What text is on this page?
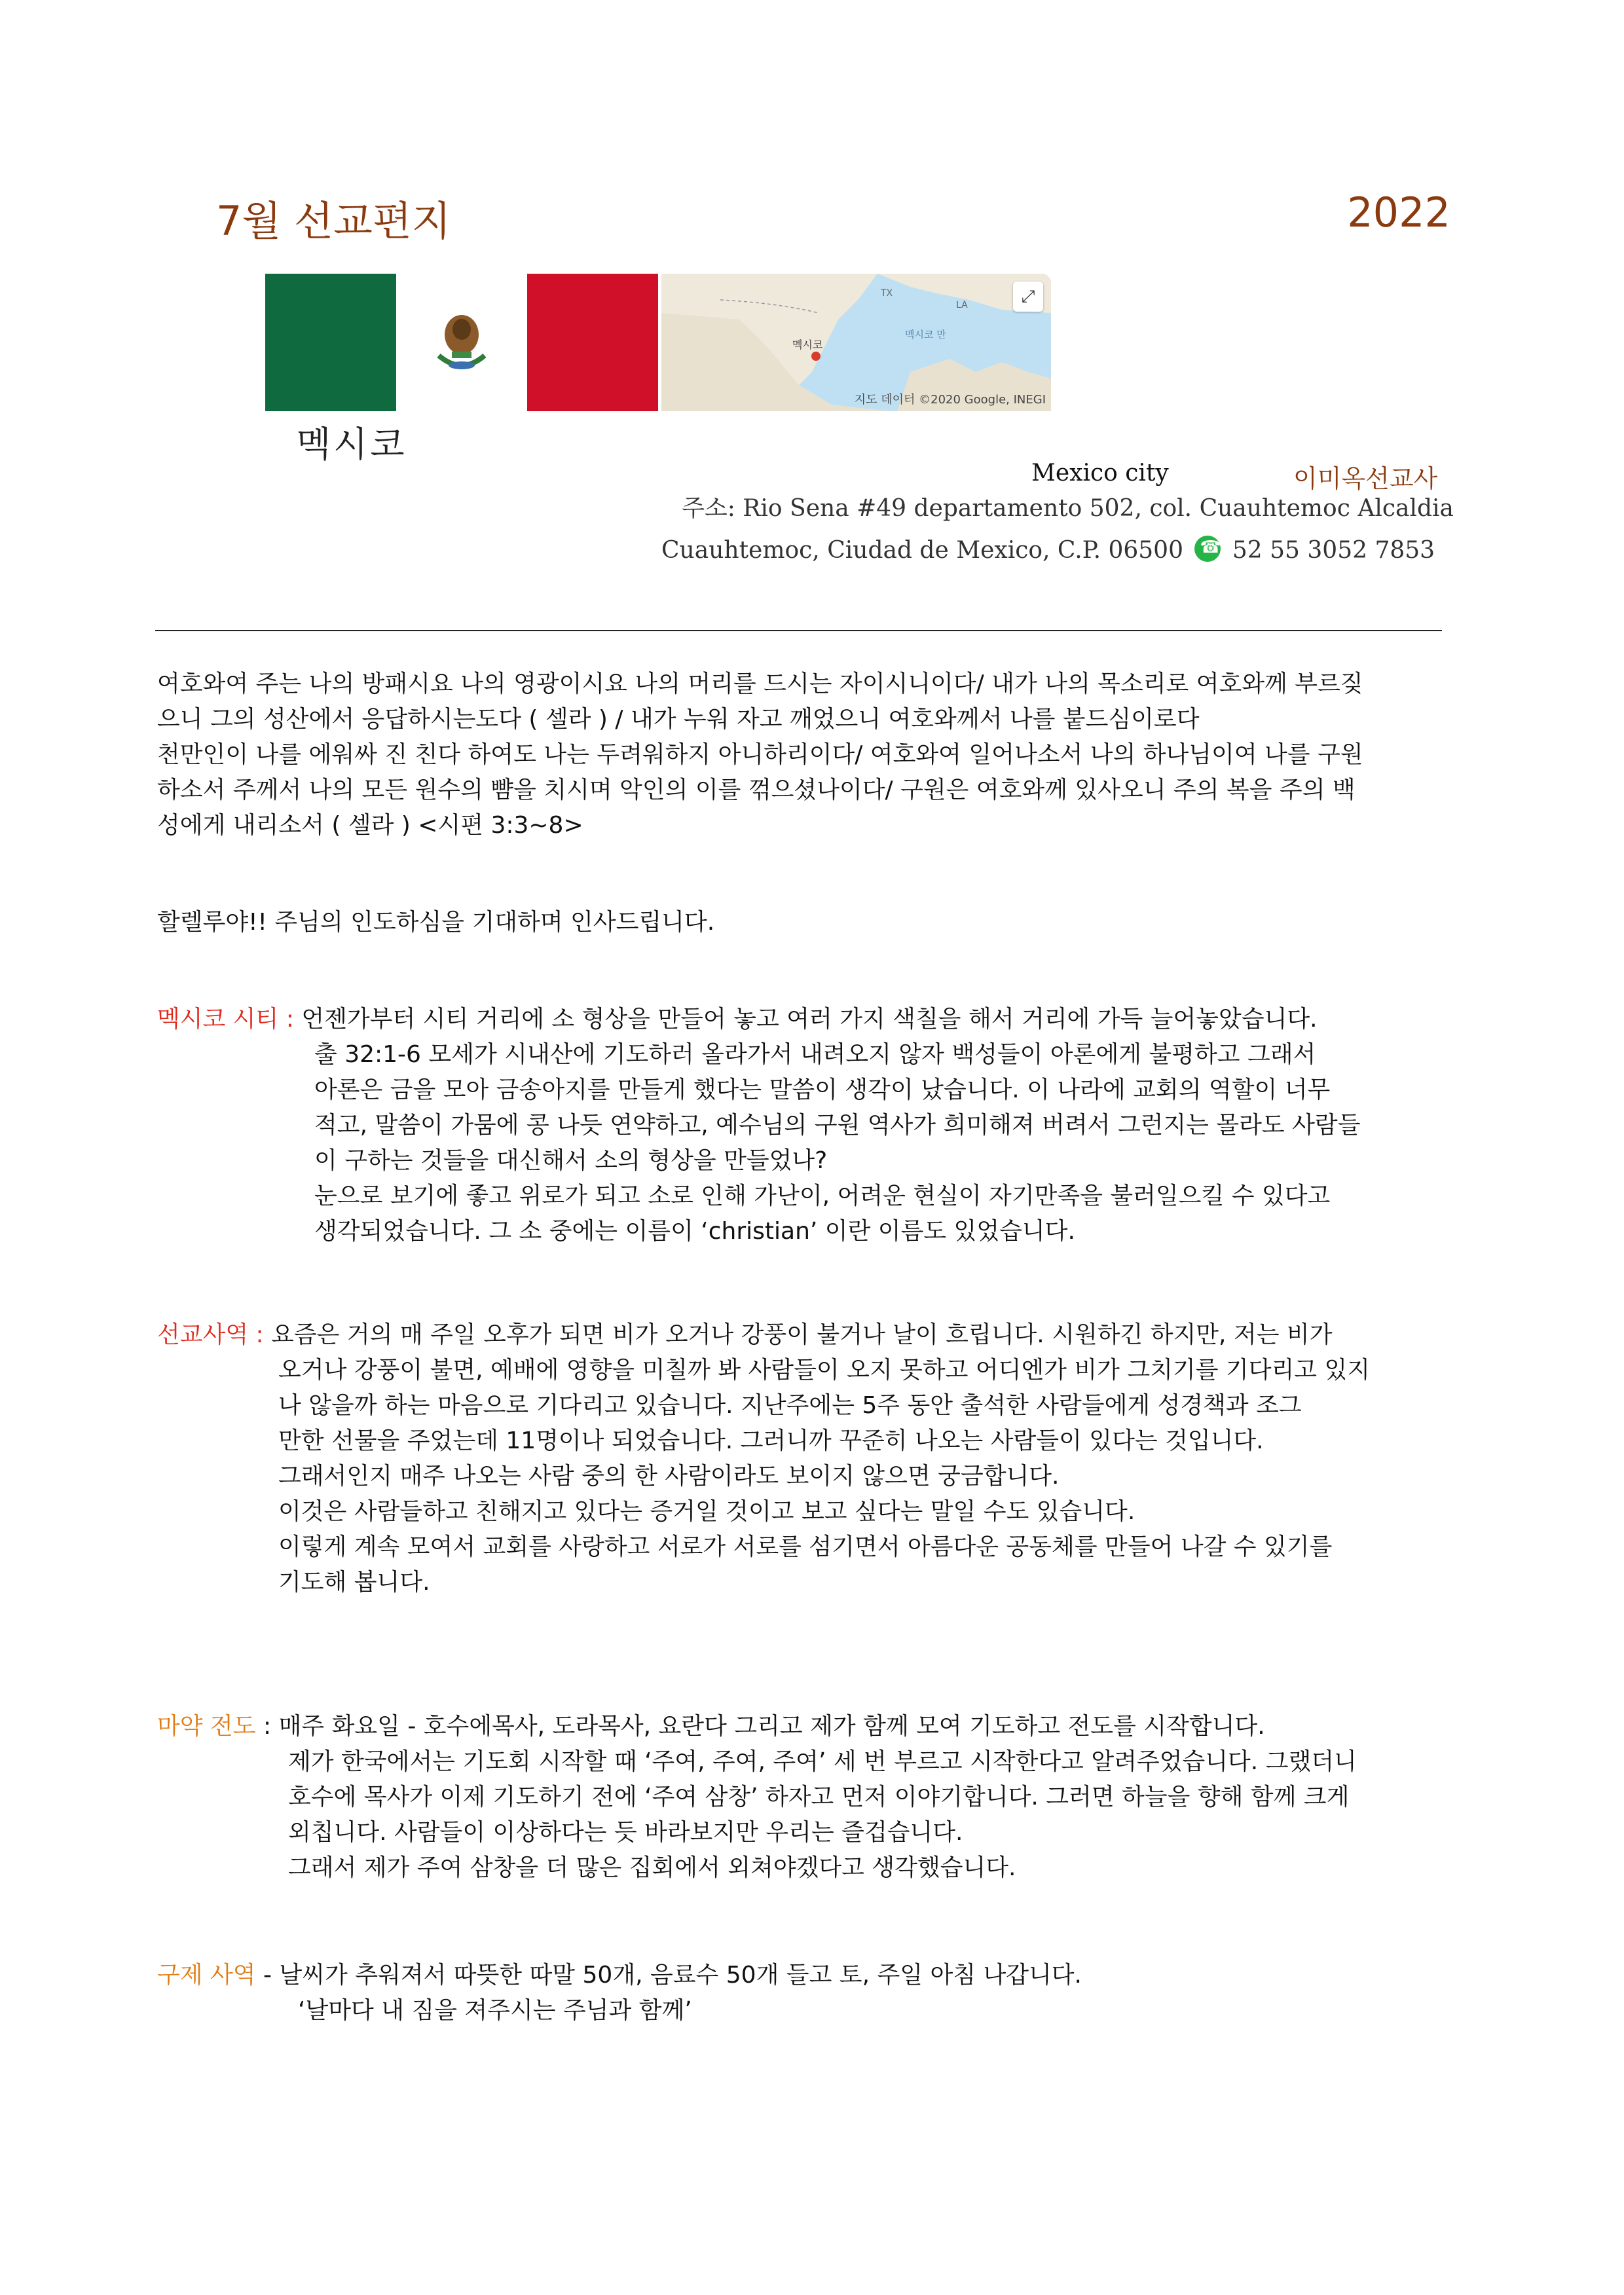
7월 선교편지	2022
멕시코
멕시코 만
TX
LA	⤢
지도 데이터 ©2020 Google, INEGI
멕시코
Mexico city	이미옥선교사
주소: Rio Sena #49 departamento 502, col. Cuauhtemoc Alcaldia
Cuauhtemoc, Ciudad de Mexico, C.P. 06500 ☎ 52 55 3052 7853
여호와여 주는 나의 방패시요 나의 영광이시요 나의 머리를 드시는 자이시니이다/ 내가 나의 목소리로 여호와께 부르짖
으니 그의 성산에서 응답하시는도다 ( 셀라 ) / 내가 누워 자고 깨었으니 여호와께서 나를 붙드심이로다
천만인이 나를 에워싸 진 친다 하여도 나는 두려워하지 아니하리이다/ 여호와여 일어나소서 나의 하나님이여 나를 구원
하소서 주께서 나의 모든 원수의 뺨을 치시며 악인의 이를 꺾으셨나이다/ 구원은 여호와께 있사오니 주의 복을 주의 백
성에게 내리소서 ( 셀라 ) <시편 3:3~8>
할렐루야!! 주님의 인도하심을 기대하며 인사드립니다.
멕시코 시티 : 언젠가부터 시티 거리에 소 형상을 만들어 놓고 여러 가지 색칠을 해서 거리에 가득 늘어놓았습니다.
출 32:1-6 모세가 시내산에 기도하러 올라가서 내려오지 않자 백성들이 아론에게 불평하고 그래서
아론은 금을 모아 금송아지를 만들게 했다는 말씀이 생각이 났습니다. 이 나라에 교회의 역할이 너무
적고, 말씀이 가뭄에 콩 나듯 연약하고, 예수님의 구원 역사가 희미해져 버려서 그런지는 몰라도 사람들
이 구하는 것들을 대신해서 소의 형상을 만들었나?
눈으로 보기에 좋고 위로가 되고 소로 인해 가난이, 어려운 현실이 자기만족을 불러일으킬 수 있다고
생각되었습니다. 그 소 중에는 이름이 ‘christian’ 이란 이름도 있었습니다.
선교사역 : 요즘은 거의 매 주일 오후가 되면 비가 오거나 강풍이 불거나 날이 흐립니다. 시원하긴 하지만, 저는 비가
오거나 강풍이 불면, 예배에 영향을 미칠까 봐 사람들이 오지 못하고 어디엔가 비가 그치기를 기다리고 있지
나 않을까 하는 마음으로 기다리고 있습니다. 지난주에는 5주 동안 출석한 사람들에게 성경책과 조그
만한 선물을 주었는데 11명이나 되었습니다. 그러니까 꾸준히 나오는 사람들이 있다는 것입니다.
그래서인지 매주 나오는 사람 중의 한 사람이라도 보이지 않으면 궁금합니다.
이것은 사람들하고 친해지고 있다는 증거일 것이고 보고 싶다는 말일 수도 있습니다.
이렇게 계속 모여서 교회를 사랑하고 서로가 서로를 섬기면서 아름다운 공동체를 만들어 나갈 수 있기를
기도해 봅니다.
마약 전도 : 매주 화요일 - 호수에목사, 도라목사, 요란다 그리고 제가 함께 모여 기도하고 전도를 시작합니다.
제가 한국에서는 기도회 시작할 때 ‘주여, 주여, 주여’ 세 번 부르고 시작한다고 알려주었습니다. 그랬더니
호수에 목사가 이제 기도하기 전에 ‘주여 삼창’ 하자고 먼저 이야기합니다. 그러면 하늘을 향해 함께 크게
외칩니다. 사람들이 이상하다는 듯 바라보지만 우리는 즐겁습니다.
그래서 제가 주여 삼창을 더 많은 집회에서 외쳐야겠다고 생각했습니다.
구제 사역 - 날씨가 추워져서 따뜻한 따말 50개, 음료수 50개 들고 토, 주일 아침 나갑니다.
‘날마다 내 짐을 져주시는 주님과 함께’
